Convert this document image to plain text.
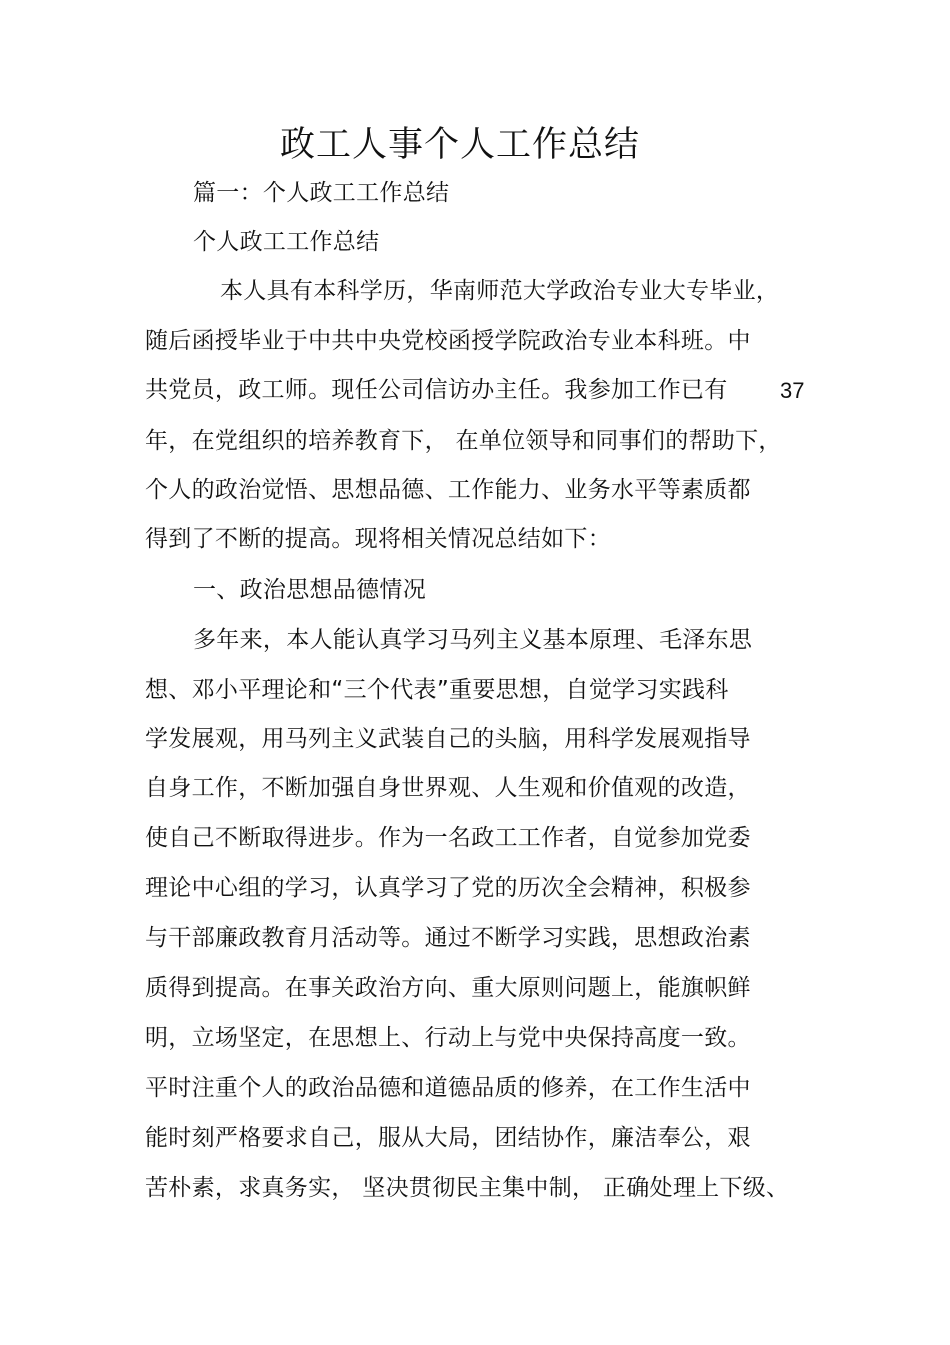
政工人事个人工作总结
篇一：个人政工工作总结
个人政工工作总结
本人具有本科学历，华南师范大学政治专业大专毕业，
随后函授毕业于中共中央党校函授学院政治专业本科班。中
共党员，政工师。现任公司信访办主任。我参加工作已有 37
年，在党组织的培养教育下， 在单位领导和同事们的帮助下，
个人的政治觉悟、思想品德、工作能力、业务水平等素质都
得到了不断的提高。现将相关情况总结如下：
一、政治思想品德情况
多年来，本人能认真学习马列主义基本原理、毛泽东思
想、邓小平理论和“三个代表”重要思想，自觉学习实践科
学发展观，用马列主义武装自己的头脑，用科学发展观指导
自身工作，不断加强自身世界观、人生观和价值观的改造，
使自己不断取得进步。作为一名政工工作者，自觉参加党委
理论中心组的学习，认真学习了党的历次全会精神，积极参
与干部廉政教育月活动等。通过不断学习实践，思想政治素
质得到提高。在事关政治方向、重大原则问题上，能旗帜鲜
明，立场坚定，在思想上、行动上与党中央保持高度一致。
平时注重个人的政治品德和道德品质的修养，在工作生活中
能时刻严格要求自己，服从大局，团结协作，廉洁奉公，艰
苦朴素，求真务实， 坚决贯彻民主集中制， 正确处理上下级、
